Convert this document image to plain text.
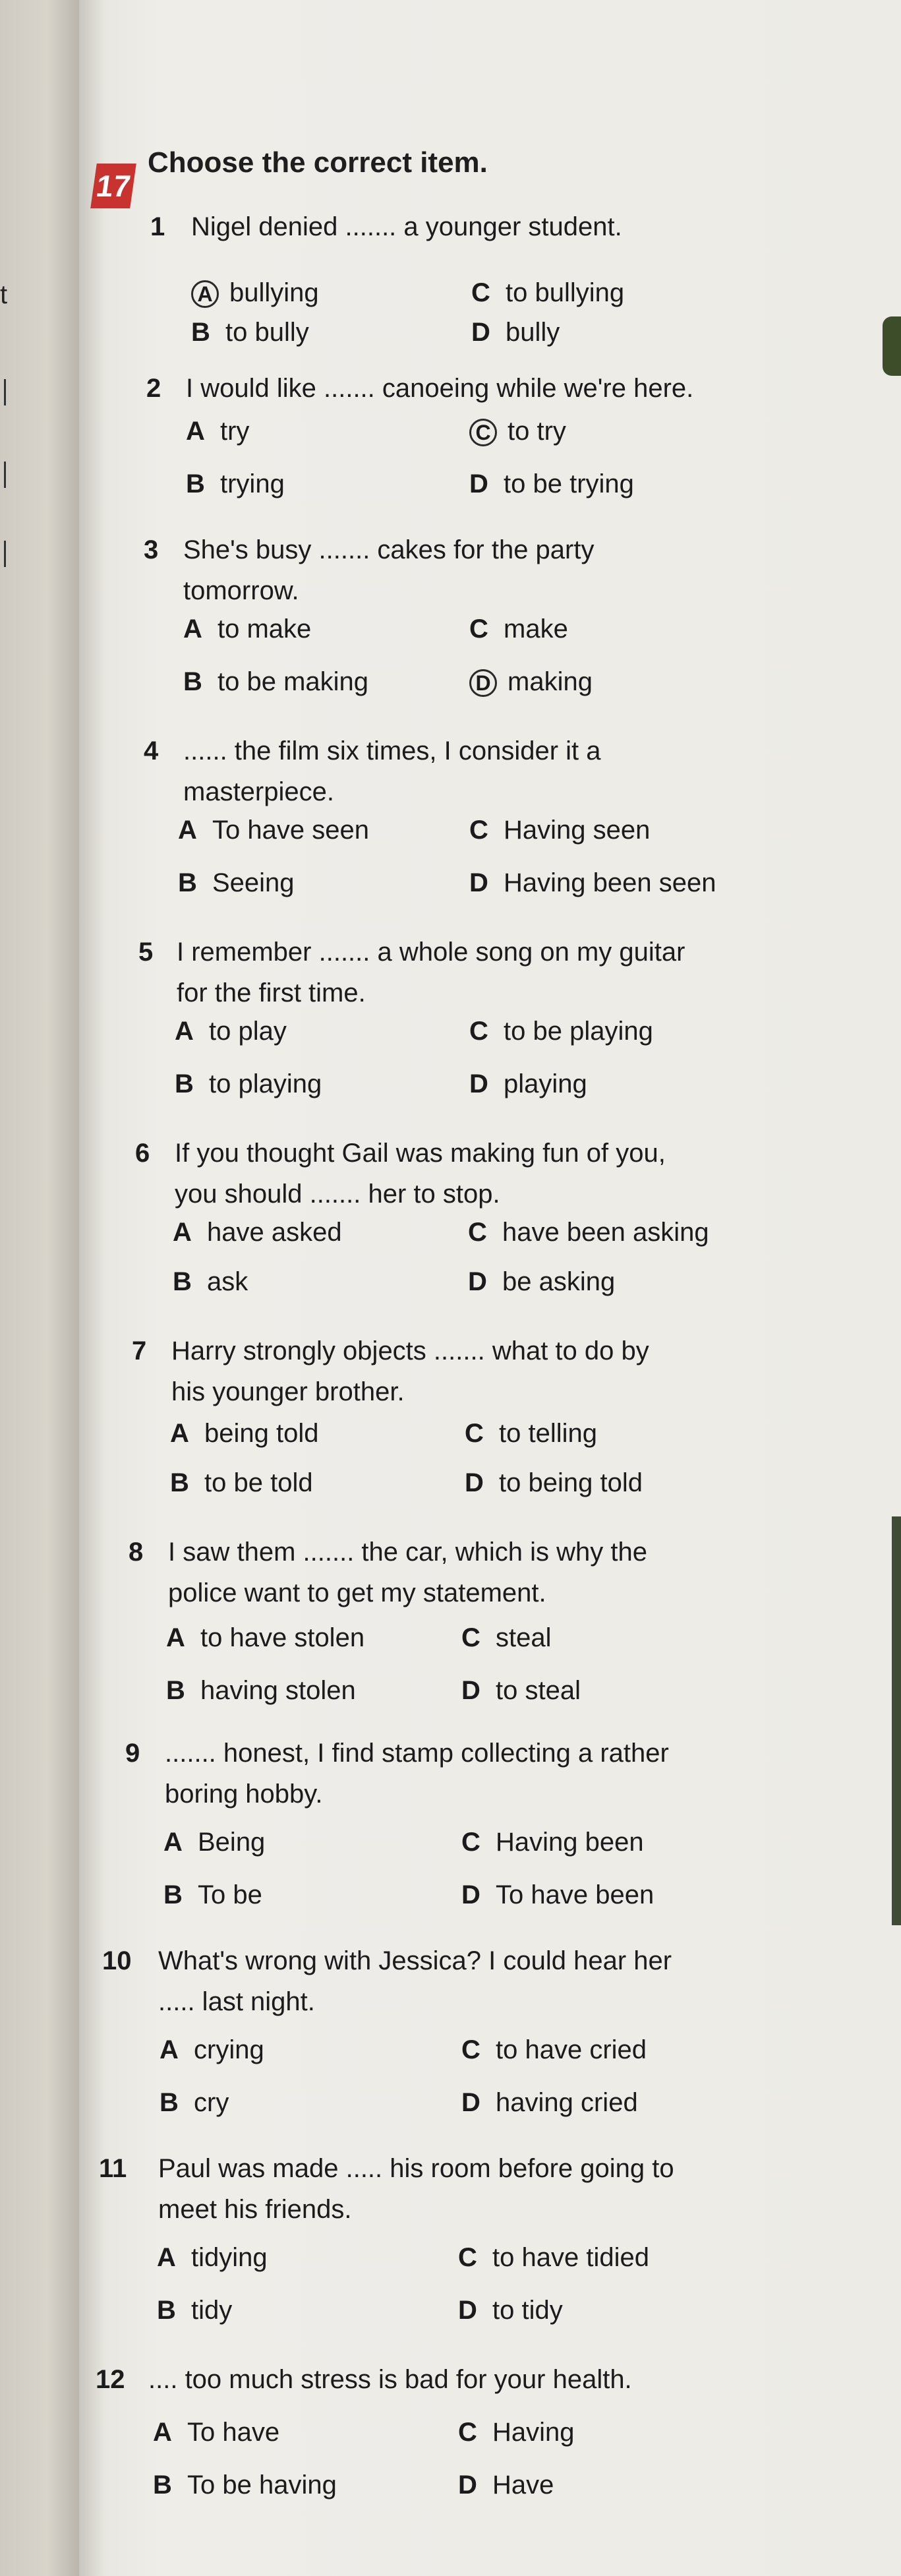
t
17
Choose the correct item.
1 Nigel denied ....... a younger student.
A bullying	C to bullying
B to bully	D bully
2 I would like ....... canoeing while we're here.
A try	C to try
B trying	D to be trying
3 She's busy ....... cakes for the party
tomorrow.
A to make	C make
B to be making	D making
4 ...... the film six times, I consider it a
masterpiece.
A To have seen	C Having seen
B Seeing	D Having been seen
5 I remember ....... a whole song on my guitar
for the first time.
A to play	C to be playing
B to playing	D playing
6 If you thought Gail was making fun of you,
you should ....... her to stop.
A have asked	C have been asking
B ask	D be asking
7 Harry strongly objects ....... what to do by
his younger brother.
A being told	C to telling
B to be told	D to being told
8 I saw them ....... the car, which is why the
police want to get my statement.
A to have stolen	C steal
B having stolen	D to steal
9 ....... honest, I find stamp collecting a rather
boring hobby.
A Being	C Having been
B To be	D To have been
10 What's wrong with Jessica? I could hear her
..... last night.
A crying	C to have cried
B cry	D having cried
11 Paul was made ..... his room before going to
meet his friends.
A tidying	C to have tidied
B tidy	D to tidy
12 .... too much stress is bad for your health.
A To have	C Having
B To be having	D Have
